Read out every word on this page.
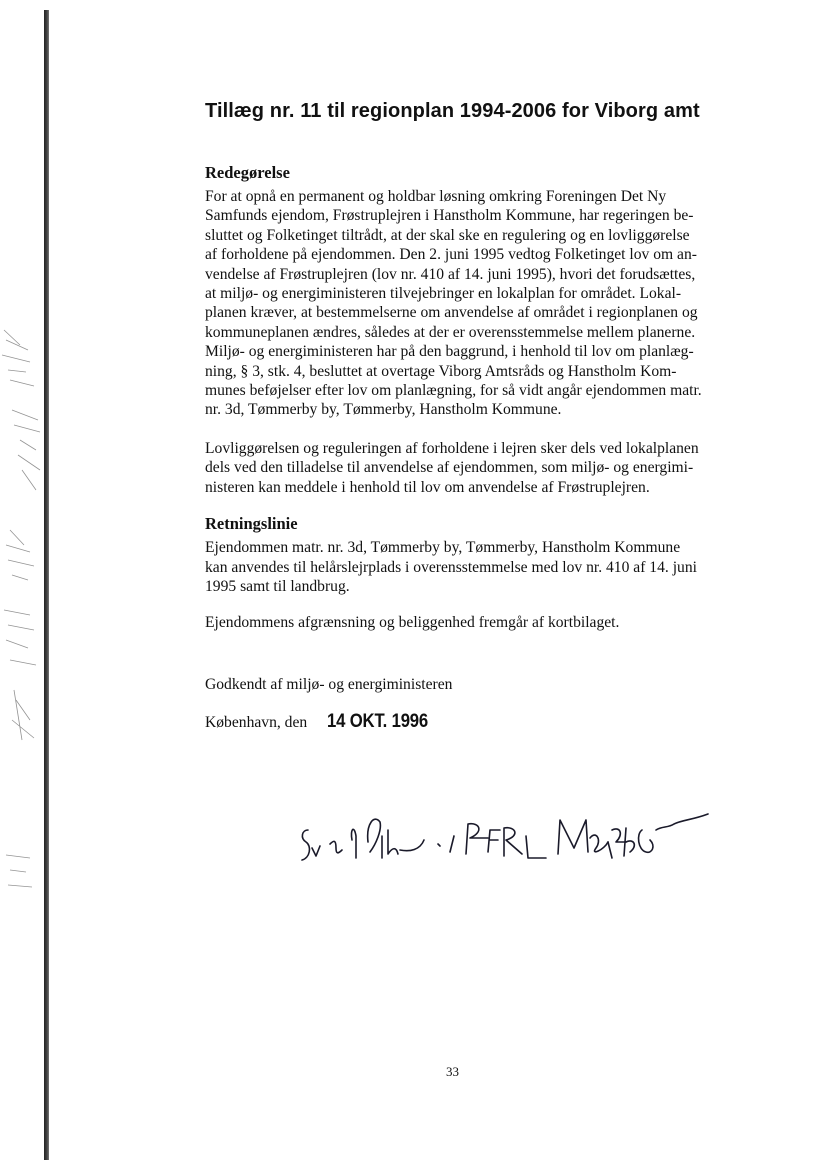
Tillæg nr. 11 til regionplan 1994-2006 for Viborg amt
Redegørelse

For at opnå en permanent og holdbar løsning omkring Foreningen Det Ny
Samfunds ejendom, Frøstruplejren i Hanstholm Kommune, har regeringen be-
sluttet og Folketinget tiltrådt, at der skal ske en regulering og en lovliggørelse
af forholdene på ejendommen. Den 2. juni 1995 vedtog Folketinget lov om an-
vendelse af Frøstruplejren (lov nr. 410 af 14. juni 1995), hvori det forudsættes,
at miljø- og energiministeren tilvejebringer en lokalplan for området. Lokal-
planen kræver, at bestemmelserne om anvendelse af området i regionplanen og
kommuneplanen ændres, således at der er overensstemmelse mellem planerne.
Miljø- og energiministeren har på den baggrund, i henhold til lov om planlæg-
ning, § 3, stk. 4, besluttet at overtage Viborg Amtsråds og Hanstholm Kom-
munes beføjelser efter lov om planlægning, for så vidt angår ejendommen matr.
nr. 3d, Tømmerby by, Tømmerby, Hanstholm Kommune.

Lovliggørelsen og reguleringen af forholdene i lejren sker dels ved lokalplanen
dels ved den tilladelse til anvendelse af ejendommen, som miljø- og energimi-
nisteren kan meddele i henhold til lov om anvendelse af Frøstruplejren.

Retningslinie

Ejendommen matr. nr. 3d, Tømmerby by, Tømmerby, Hanstholm Kommune
kan anvendes til helårslejrplads i overensstemmelse med lov nr. 410 af 14. juni
1995 samt til landbrug.

Ejendommens afgrænsning og beliggenhed fremgår af kortbilaget.

Godkendt af miljø- og energiministeren

København, den 14 OKT. 1996
33
